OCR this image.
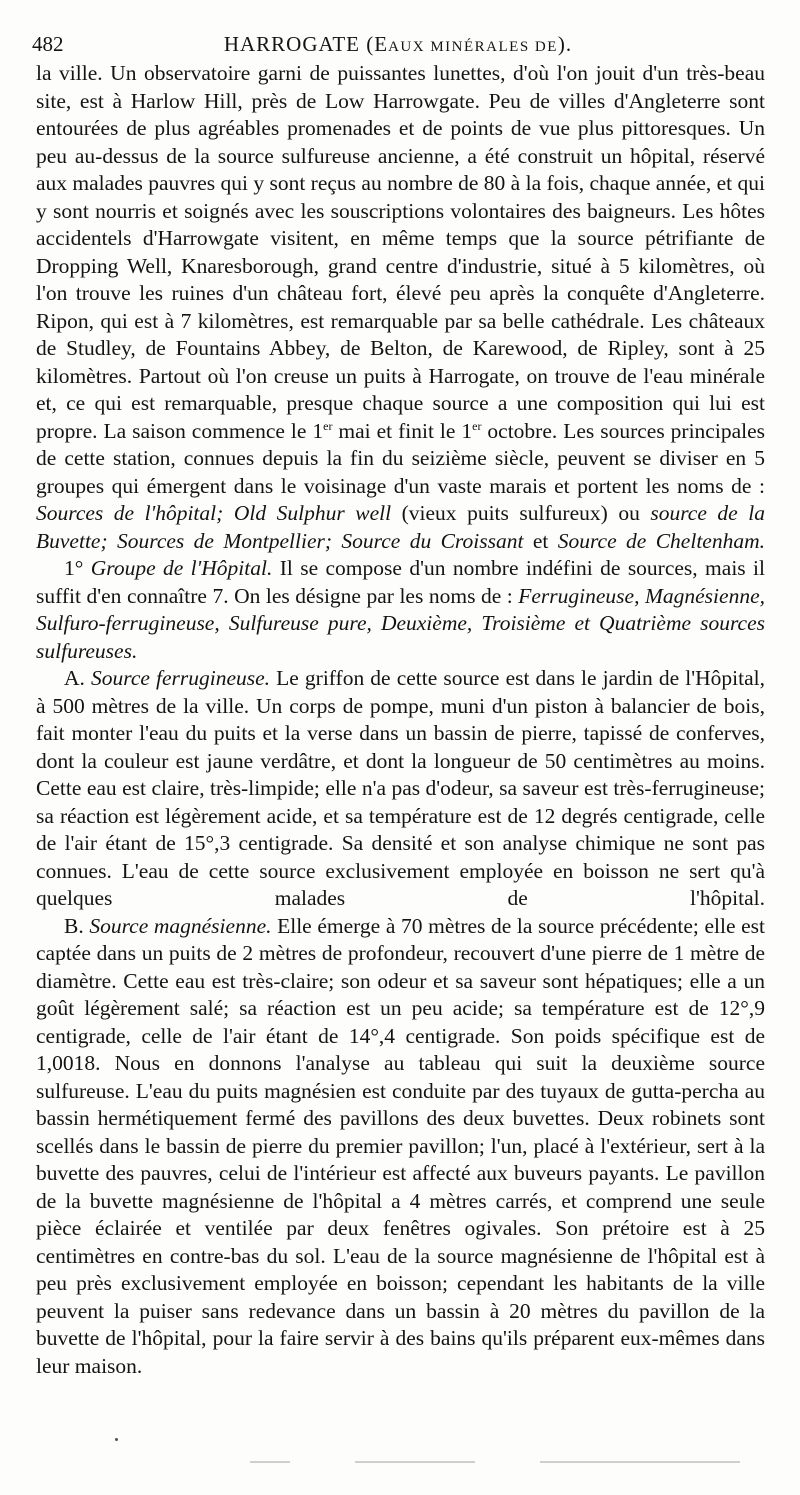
482	HARROGATE (EAUX MINÉRALES DE).

la ville. Un observatoire garni de puissantes lunettes, d'où l'on jouit d'un très-beau site, est à Harlow Hill, près de Low Harrowgate. Peu de villes d'Angleterre sont entourées de plus agréables promenades et de points de vue plus pittoresques. Un peu au-dessus de la source sulfureuse ancienne, a été construit un hôpital, réservé aux malades pauvres qui y sont reçus au nombre de 80 à la fois, chaque année, et qui y sont nourris et soignés avec les souscriptions volontaires des baigneurs. Les hôtes accidentels d'Harrowgate visitent, en même temps que la source pétrifiante de Dropping Well, Knaresborough, grand centre d'industrie, situé à 5 kilomètres, où l'on trouve les ruines d'un château fort, élevé peu après la conquête d'Angleterre. Ripon, qui est à 7 kilomètres, est remarquable par sa belle cathédrale. Les châteaux de Studley, de Fountains Abbey, de Belton, de Karewood, de Ripley, sont à 25 kilomètres. Partout où l'on creuse un puits à Harrogate, on trouve de l'eau minérale et, ce qui est remarquable, presque chaque source a une composition qui lui est propre. La saison commence le 1er mai et finit le 1er octobre. Les sources principales de cette station, connues depuis la fin du seizième siècle, peuvent se diviser en 5 groupes qui émergent dans le voisinage d'un vaste marais et portent les noms de : Sources de l'hôpital; Old Sulphur well (vieux puits sulfureux) ou source de la Buvette; Sources de Montpellier; Source du Croissant et Source de Cheltenham.

1° Groupe de l'Hôpital. Il se compose d'un nombre indéfini de sources, mais il suffit d'en connaître 7. On les désigne par les noms de : Ferrugineuse, Magnésienne, Sulfuro-ferrugineuse, Sulfureuse pure, Deuxième, Troisième et Quatrième sources sulfureuses.

A. Source ferrugineuse. Le griffon de cette source est dans le jardin de l'Hôpital, à 500 mètres de la ville. Un corps de pompe, muni d'un piston à balancier de bois, fait monter l'eau du puits et la verse dans un bassin de pierre, tapissé de conferves, dont la couleur est jaune verdâtre, et dont la longueur de 50 centimètres au moins. Cette eau est claire, très-limpide; elle n'a pas d'odeur, sa saveur est très-ferrugineuse; sa réaction est légèrement acide, et sa température est de 12 degrés centigrade, celle de l'air étant de 15°,3 centigrade. Sa densité et son analyse chimique ne sont pas connues. L'eau de cette source exclusivement employée en boisson ne sert qu'à quelques malades de l'hôpital.

B. Source magnésienne. Elle émerge à 70 mètres de la source précédente; elle est captée dans un puits de 2 mètres de profondeur, recouvert d'une pierre de 1 mètre de diamètre. Cette eau est très-claire; son odeur et sa saveur sont hépatiques; elle a un goût légèrement salé; sa réaction est un peu acide; sa température est de 12°,9 centigrade, celle de l'air étant de 14°,4 centigrade. Son poids spécifique est de 1,0018. Nous en donnons l'analyse au tableau qui suit la deuxième source sulfureuse. L'eau du puits magnésien est conduite par des tuyaux de gutta-percha au bassin hermétiquement fermé des pavillons des deux buvettes. Deux robinets sont scellés dans le bassin de pierre du premier pavillon; l'un, placé à l'extérieur, sert à la buvette des pauvres, celui de l'intérieur est affecté aux buveurs payants. Le pavillon de la buvette magnésienne de l'hôpital a 4 mètres carrés, et comprend une seule pièce éclairée et ventilée par deux fenêtres ogivales. Son prétoire est à 25 centimètres en contre-bas du sol. L'eau de la source magnésienne de l'hôpital est à peu près exclusivement employée en boisson; cependant les habitants de la ville peuvent la puiser sans redevance dans un bassin à 20 mètres du pavillon de la buvette de l'hôpital, pour la faire servir à des bains qu'ils préparent eux-mêmes dans leur maison.
